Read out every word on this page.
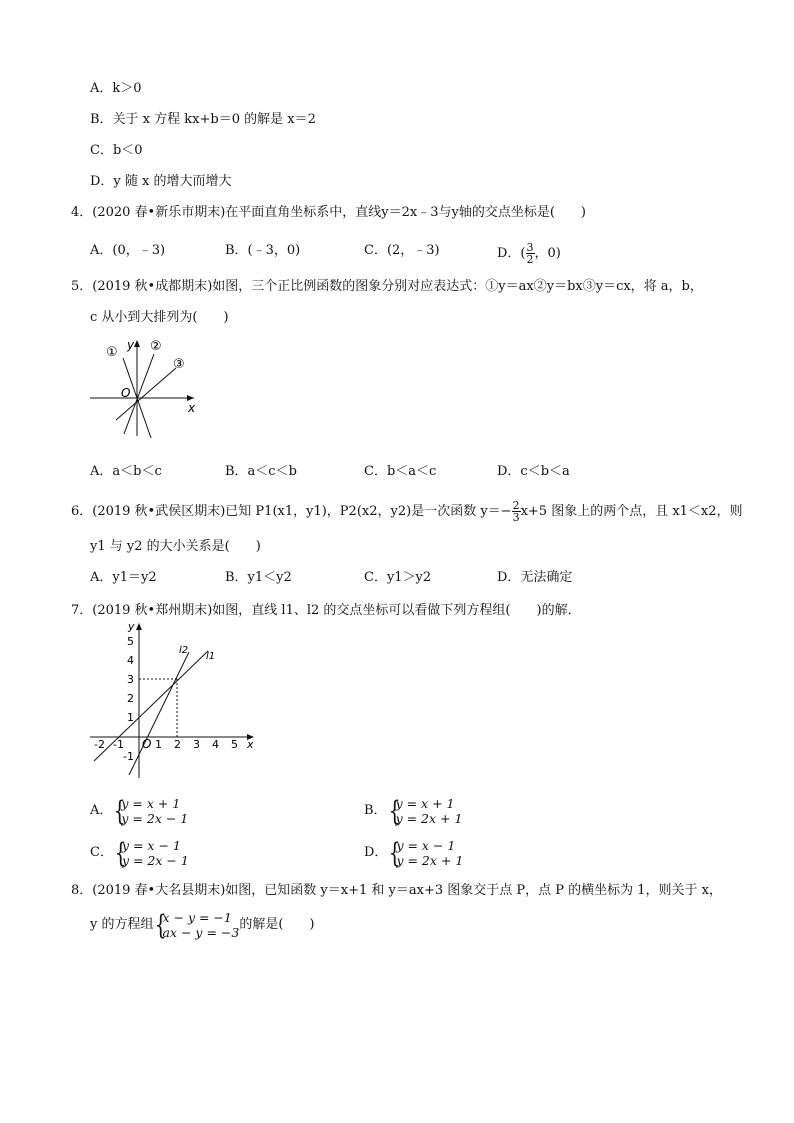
A．k＞0
B．关于 x 方程 kx+b＝0 的解是 x＝2
C．b＜0
D．y 随 x 的增大而增大
4．(2020 春•新乐市期末)在平面直角坐标系中，直线y＝2x﹣3与y轴的交点坐标是(　　)
A．(0，﹣3)	B．(﹣3，0)	C．(2，﹣3)	D．( $\frac{3}{2}$ ，0)
5．(2019 秋•成都期末)如图，三个正比例函数的图象分别对应表达式：①y＝ax②y＝bx③y＝cx，将 a，b，
c 从小到大排列为(　　)
y
x
O
① ②
③
A．a＜b＜c	B．a＜c＜b	C．b＜a＜c	D．c＜b＜a
6．(2019 秋•武侯区期末)已知 P1(x1，y1)，P2(x2，y2)是一次函数 $y=- \frac{2}{3} x+5$ 图象上的两个点，且 x1＜x2，则
y1 与 y2 的大小关系是(　　)
A．y1＝y2	B．y1＜y2	C．y1＞y2	D．无法确定
7．(2019 秋•郑州期末)如图，直线 l1、l2 的交点坐标可以看做下列方程组(　　)的解．
y
x
O
l2
l1
5
4
3
2
1
-1
-2 -1	1 2 3 4 5
A． { y = x + 1
y = 2x − 1
B． { y = x + 1
y = 2x + 1
C． { y = x − 1
y = 2x − 1
D． { y = x − 1
y = 2x + 1
8．(2019 春•大名县期末)如图，已知函数 y＝x+1 和 y＝ax+3 图象交于点 P，点 P 的横坐标为 1，则关于 x，
y 的方程组 { x − y = −1
ax − y = −3
的解是(　　)
